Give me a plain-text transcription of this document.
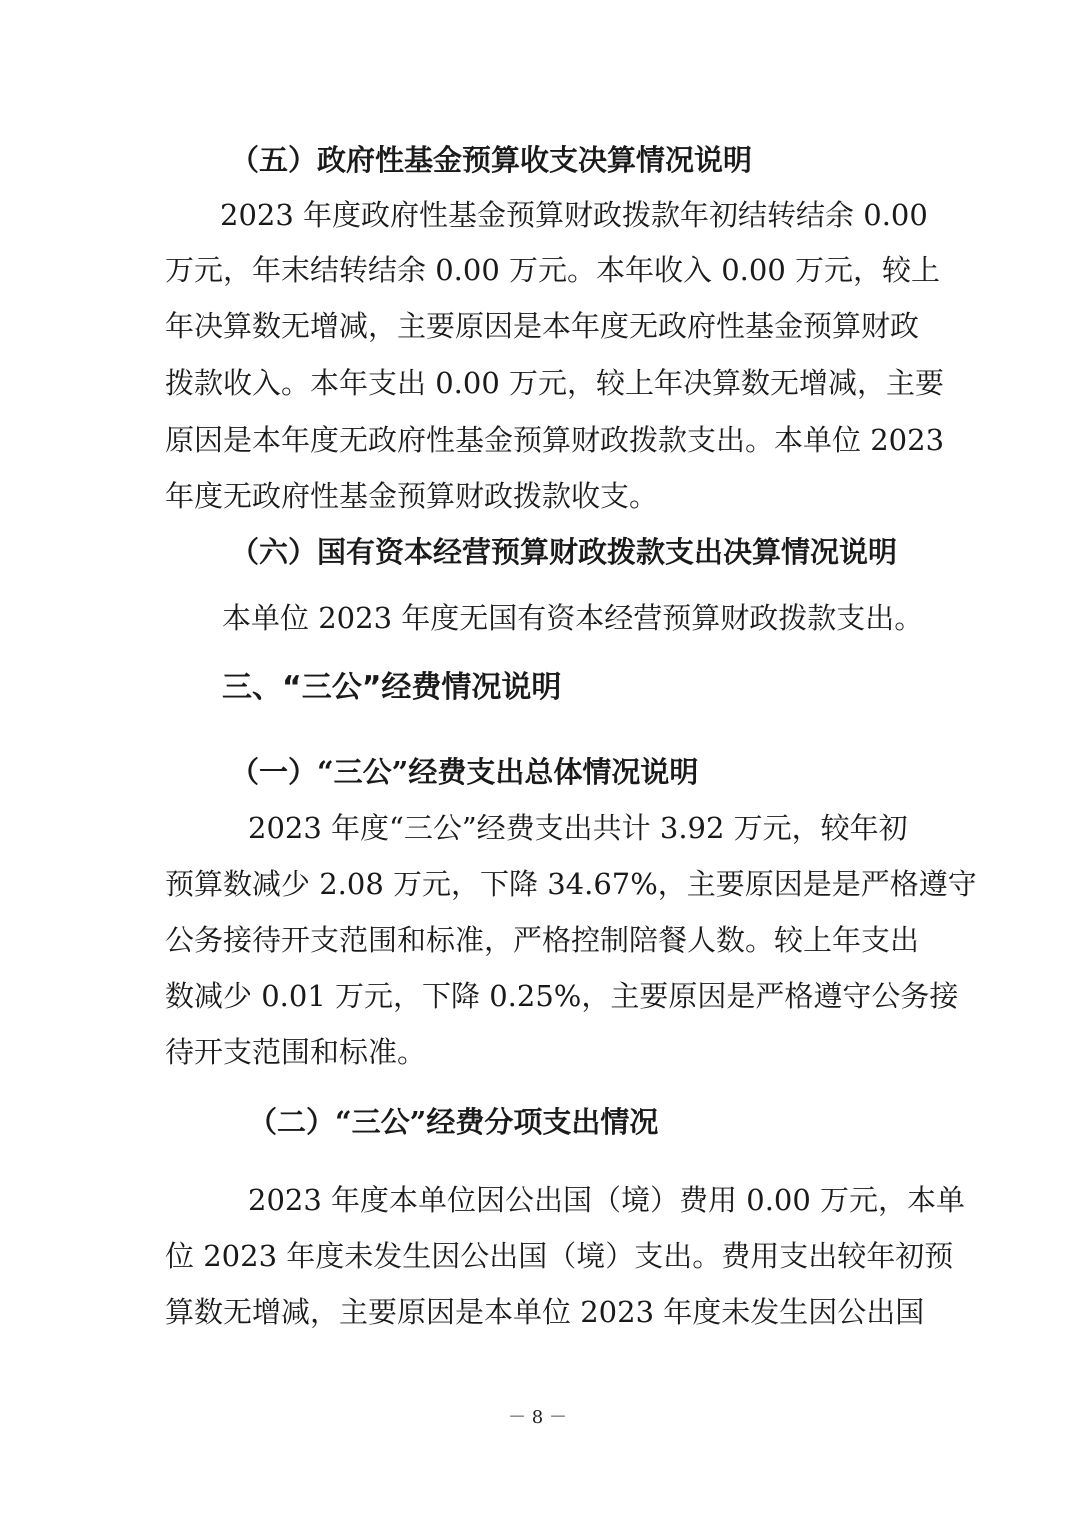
（五）政府性基金预算收支决算情况说明
2023 年度政府性基金预算财政拨款年初结转结余 0.00
万元，年末结转结余 0.00 万元。本年收入 0.00 万元，较上
年决算数无增减，主要原因是本年度无政府性基金预算财政
拨款收入。本年支出 0.00 万元，较上年决算数无增减，主要
原因是本年度无政府性基金预算财政拨款支出。本单位 2023
年度无政府性基金预算财政拨款收支。
（六）国有资本经营预算财政拨款支出决算情况说明
本单位 2023 年度无国有资本经营预算财政拨款支出。
三、“三公”经费情况说明
（一）“三公”经费支出总体情况说明
2023 年度“三公”经费支出共计 3.92 万元，较年初
预算数减少 2.08 万元，下降 34.67%，主要原因是是严格遵守
公务接待开支范围和标准，严格控制陪餐人数。较上年支出
数减少 0.01 万元，下降 0.25%，主要原因是严格遵守公务接
待开支范围和标准。
（二）“三公”经费分项支出情况
2023 年度本单位因公出国（境）费用 0.00 万元，本单
位 2023 年度未发生因公出国（境）支出。费用支出较年初预
算数无增减，主要原因是本单位 2023 年度未发生因公出国
－ 8 －
